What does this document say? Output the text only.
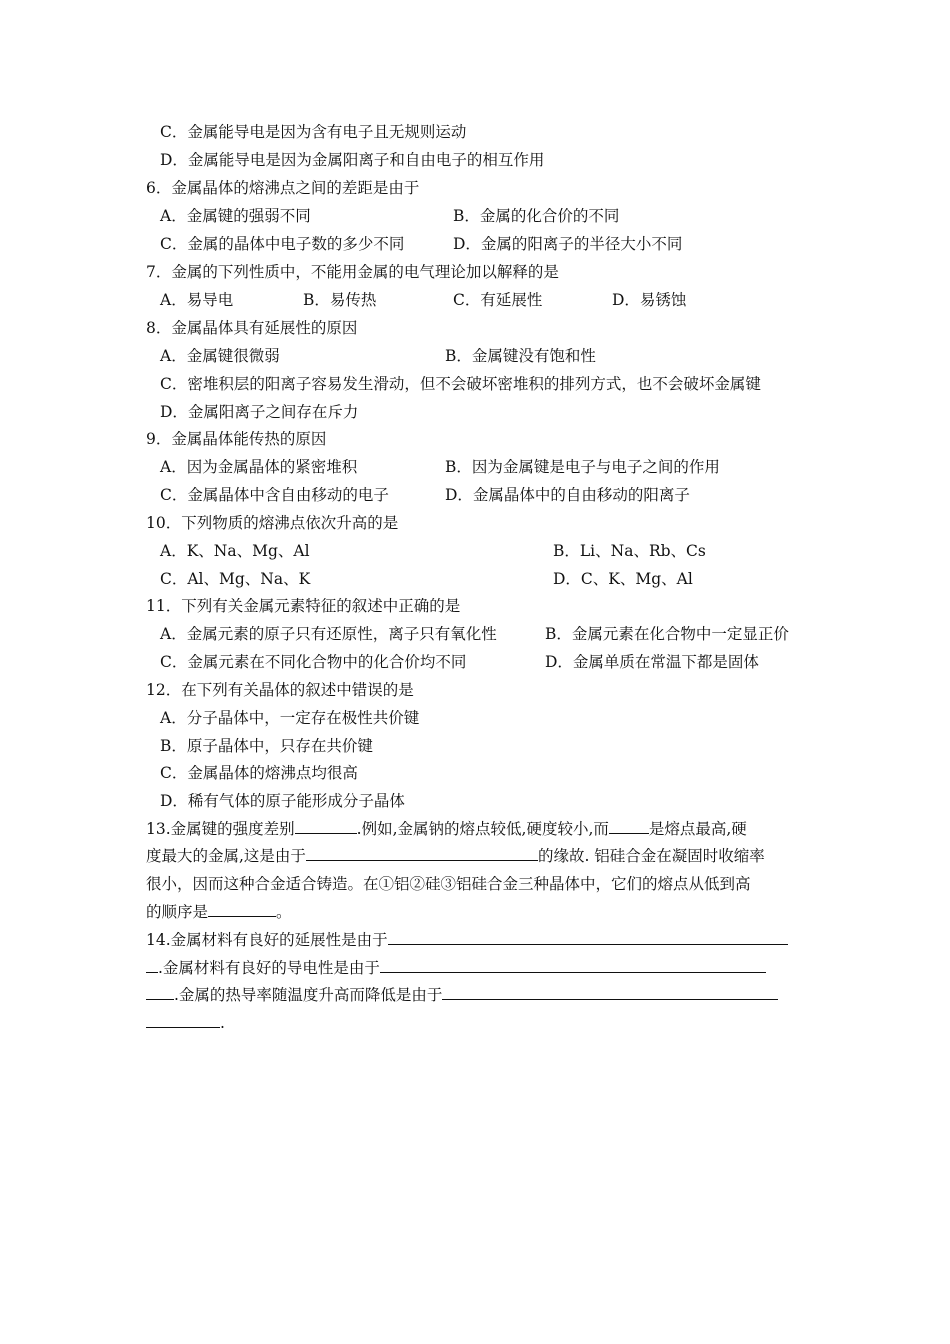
C．金属能导电是因为含有电子且无规则运动
D．金属能导电是因为金属阳离子和自由电子的相互作用
6．金属晶体的熔沸点之间的差距是由于
A．金属键的强弱不同	B．金属的化合价的不同
C．金属的晶体中电子数的多少不同	D．金属的阳离子的半径大小不同
7．金属的下列性质中，不能用金属的电气理论加以解释的是
A．易导电	B．易传热	C．有延展性	D．易锈蚀
8．金属晶体具有延展性的原因
A．金属键很微弱	B．金属键没有饱和性
C．密堆积层的阳离子容易发生滑动，但不会破坏密堆积的排列方式，也不会破坏金属键
D．金属阳离子之间存在斥力
9．金属晶体能传热的原因
A．因为金属晶体的紧密堆积	B．因为金属键是电子与电子之间的作用
C．金属晶体中含自由移动的电子	D．金属晶体中的自由移动的阳离子
10．下列物质的熔沸点依次升高的是
A．K、Na、Mg、Al	B．Li、Na、Rb、Cs
C．Al、Mg、Na、K	D．C、K、Mg、Al
11．下列有关金属元素特征的叙述中正确的是
A．金属元素的原子只有还原性，离子只有氧化性	B．金属元素在化合物中一定显正价
C．金属元素在不同化合物中的化合价均不同	D．金属单质在常温下都是固体
12．在下列有关晶体的叙述中错误的是
A．分子晶体中，一定存在极性共价键
B．原子晶体中，只存在共价键
C．金属晶体的熔沸点均很高
D．稀有气体的原子能形成分子晶体
13.金属键的强度差别	.例如,金属钠的熔点较低,硬度较小,而	是熔点最高,硬
度最大的金属,这是由于	的缘故. 铝硅合金在凝固时收缩率
很小，因而这种合金适合铸造。在①铝②硅③铝硅合金三种晶体中，它们的熔点从低到高
的顺序是	。
14.金属材料有良好的延展性是由于
.金属材料有良好的导电性是由于
.金属的热导率随温度升高而降低是由于
.
